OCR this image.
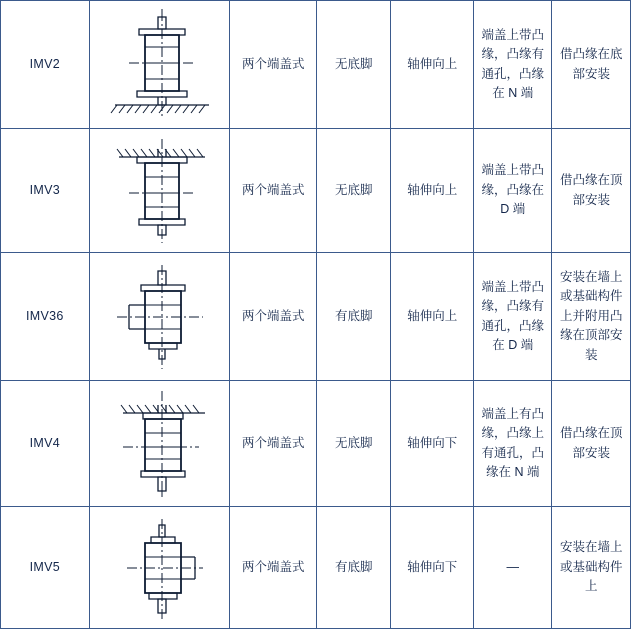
IMV2		两个端盖式	无底脚	轴伸向上	端盖上带凸缘，凸缘有通孔，凸缘在 N 端	借凸缘在底部安装
IMV3		两个端盖式	无底脚	轴伸向上	端盖上带凸缘，凸缘在 D 端	借凸缘在顶部安装
IMV36		两个端盖式	有底脚	轴伸向上	端盖上带凸缘，凸缘有通孔，凸缘在 D 端	安装在墙上或基础构件上并附用凸缘在顶部安装
IMV4		两个端盖式	无底脚	轴伸向下	端盖上有凸缘，凸缘上有通孔，凸缘在 N 端	借凸缘在顶部安装
IMV5		两个端盖式	有底脚	轴伸向下	—	安装在墙上或基础构件上
